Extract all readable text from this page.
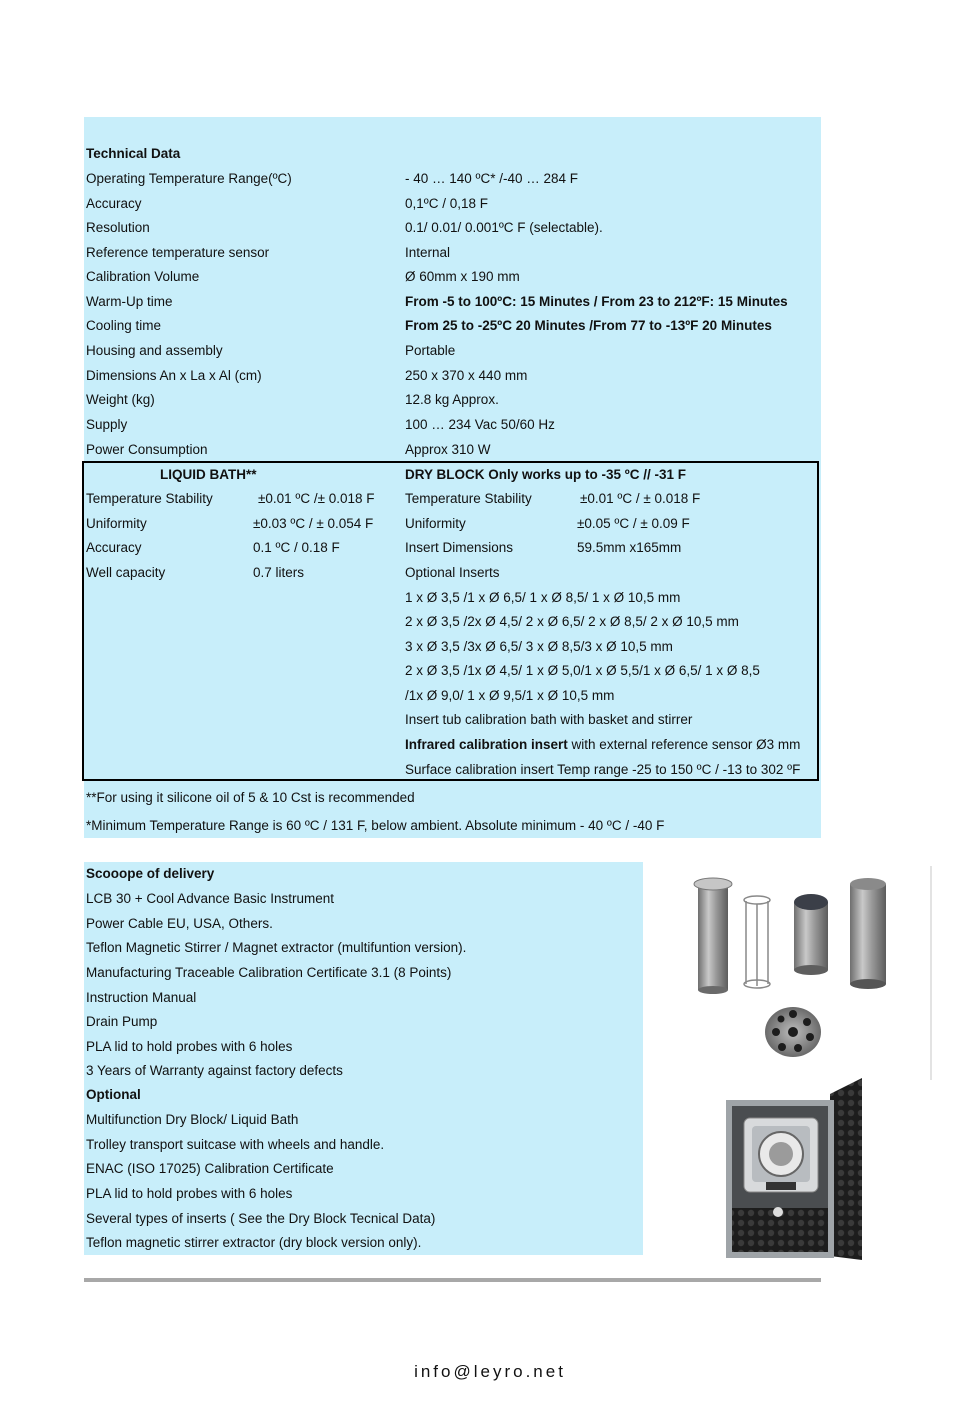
Technical Data
Operating Temperature Range(ºC)	- 40 … 140 ºC* /-40 … 284 F
Accuracy	0,1ºC / 0,18 F
Resolution	0.1/ 0.01/ 0.001ºC F (selectable).
Reference temperature sensor	Internal
Calibration Volume	Ø 60mm x 190 mm
Warm-Up time	From -5 to 100ºC: 15 Minutes / From 23 to 212ºF: 15 Minutes
Cooling time	From 25 to -25ºC 20 Minutes /From 77 to -13ºF 20 Minutes
Housing and assembly	Portable
Dimensions An x La x Al (cm)	250 x 370 x 440 mm
Weight (kg)	12.8 kg Approx.
Supply	100 … 234 Vac 50/60 Hz
Power Consumption	Approx 310 W
LIQUID BATH**
Temperature Stability	±0.01 ºC /± 0.018 F
Uniformity	±0.03 ºC / ± 0.054 F
Accuracy	0.1 ºC / 0.18 F
Well capacity	0.7 liters
DRY BLOCK Only works up to -35 ºC // -31 F
Temperature Stability	±0.01 ºC / ± 0.018 F
Uniformity	±0.05 ºC / ± 0.09 F
Insert Dimensions	59.5mm x165mm
Optional Inserts
1 x Ø 3,5 /1 x Ø 6,5/ 1 x Ø 8,5/ 1 x Ø 10,5 mm
2 x Ø 3,5 /2x Ø 4,5/ 2 x Ø 6,5/ 2 x Ø 8,5/ 2 x Ø 10,5 mm
3 x Ø 3,5 /3x Ø 6,5/ 3 x Ø 8,5/3 x Ø 10,5 mm
2 x Ø 3,5 /1x Ø 4,5/ 1 x Ø 5,0/1 x Ø 5,5/1 x Ø 6,5/ 1 x Ø 8,5
/1x Ø 9,0/ 1 x Ø 9,5/1 x Ø 10,5 mm
Insert tub calibration bath with basket and stirrer
Infrared calibration insert with external reference sensor Ø3 mm
Surface calibration insert Temp range -25 to 150 ºC / -13 to 302 ºF
**For using it silicone oil of 5 & 10 Cst is recommended
*Minimum Temperature Range is 60 ºC / 131 F, below ambient. Absolute minimum - 40 ºC / -40 F
Scooope of delivery
LCB 30 + Cool Advance Basic Instrument
Power Cable EU, USA, Others.
Teflon Magnetic Stirrer / Magnet extractor (multifuntion version).
Manufacturing Traceable Calibration Certificate 3.1 (8 Points)
Instruction Manual
Drain Pump
PLA lid to hold probes with 6 holes
3 Years of Warranty against factory defects
Optional
Multifunction Dry Block/ Liquid Bath
Trolley transport suitcase with wheels and handle.
ENAC (ISO 17025) Calibration Certificate
PLA lid to hold probes with 6 holes
Several types of inserts ( See the Dry Block Tecnical Data)
Teflon magnetic stirrer extractor (dry block version only).
info@leyro.net
